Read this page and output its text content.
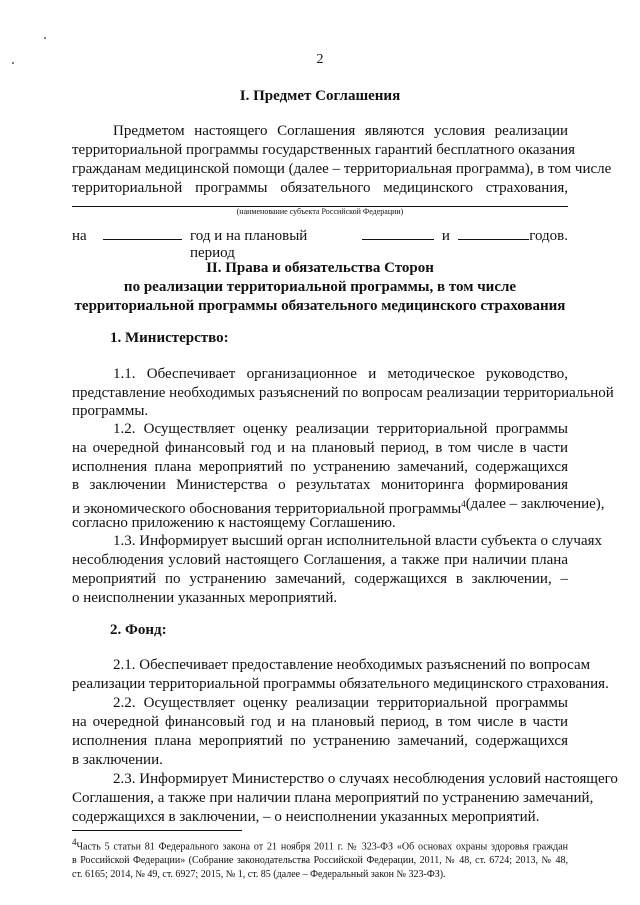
2
I. Предмет Соглашения
Предметом настоящего Соглашения являются условия реализации
территориальной программы государственных гарантий бесплатного оказания
гражданам медицинской помощи (далее – территориальная программа), в том числе
территориальной программы обязательного медицинского страхования,
(наименование субъекта Российской Федерации)
на	год и на плановый период
и	годов.
II. Права и обязательства Сторон
по реализации территориальной программы, в том числе
территориальной программы обязательного медицинского страхования
1. Министерство:
1.1. Обеспечивает организационное и методическое руководство,
представление необходимых разъяснений по вопросам реализации территориальной
программы.
1.2. Осуществляет оценку реализации территориальной программы
на очередной финансовый год и на плановый период, в том числе в части
исполнения плана мероприятий по устранению замечаний, содержащихся
в заключении Министерства о результатах мониторинга формирования
и экономического обоснования территориальной программы$^4$ (далее – заключение),
согласно приложению к настоящему Соглашению.
1.3. Информирует высший орган исполнительной власти субъекта о случаях
несоблюдения условий настоящего Соглашения, а также при наличии плана
мероприятий по устранению замечаний, содержащихся в заключении, –
о неисполнении указанных мероприятий.
2. Фонд:
2.1. Обеспечивает предоставление необходимых разъяснений по вопросам
реализации территориальной программы обязательного медицинского страхования.
2.2. Осуществляет оценку реализации территориальной программы
на очередной финансовый год и на плановый период, в том числе в части
исполнения плана мероприятий по устранению замечаний, содержащихся
в заключении.
2.3. Информирует Министерство о случаях несоблюдения условий настоящего
Соглашения, а также при наличии плана мероприятий по устранению замечаний,
содержащихся в заключении, – о неисполнении указанных мероприятий.
$^4$Часть 5 статьи 81 Федерального закона от 21 ноября 2011 г. № 323-ФЗ «Об основах охраны здоровья граждан
в Российской Федерации» (Собрание законодательства Российской Федерации, 2011, № 48, ст. 6724; 2013, № 48,
ст. 6165; 2014, № 49, ст. 6927; 2015, № 1, ст. 85 (далее – Федеральный закон № 323-ФЗ).
